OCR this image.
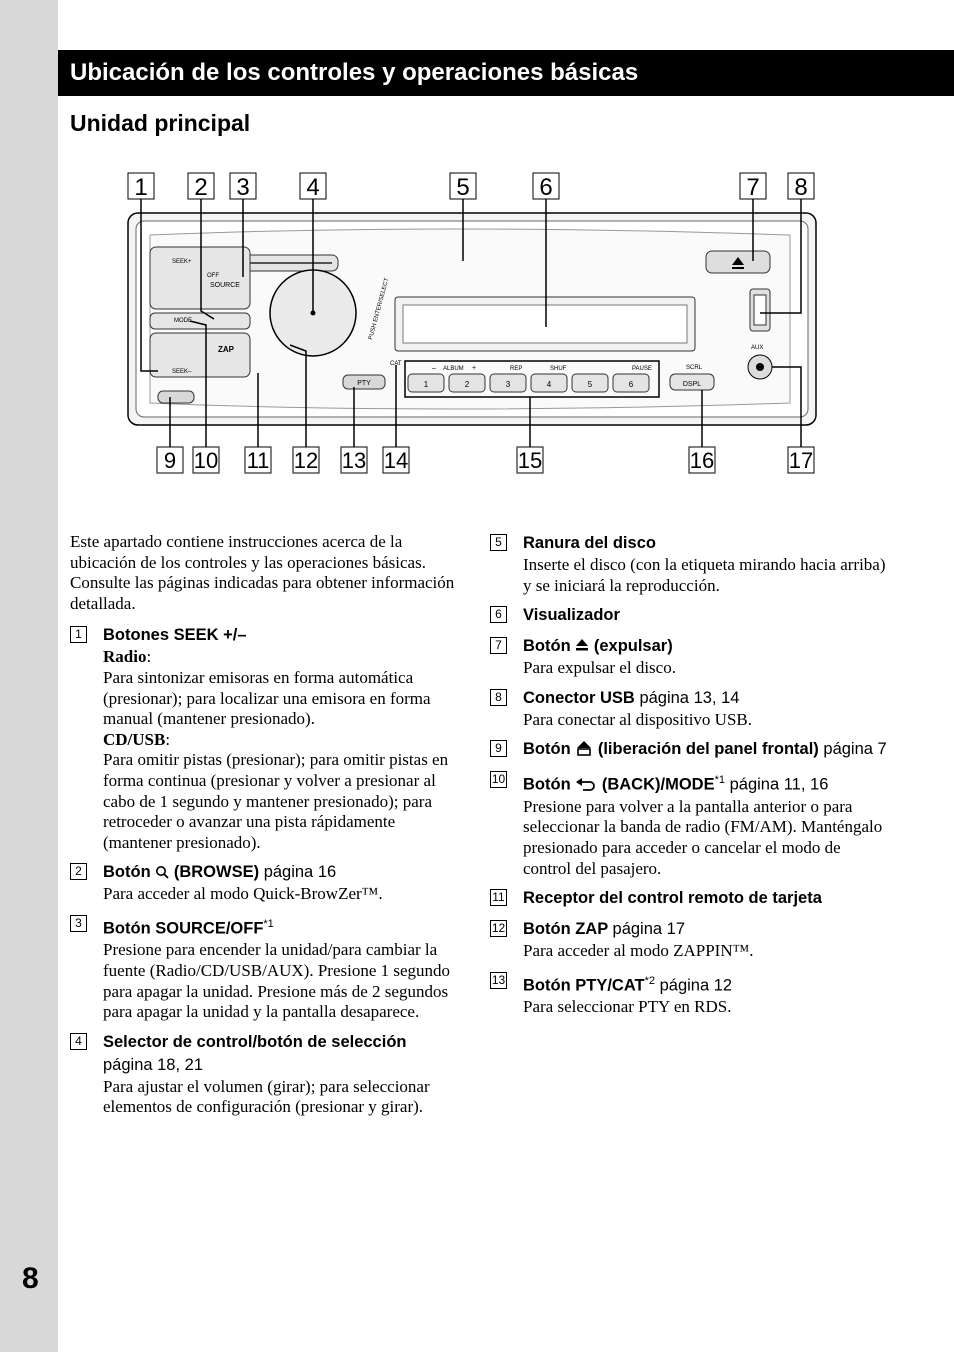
8
Ubicación de los controles y operaciones básicas
Unidad principal
1 2 3 4	5	6	7 8
SEEK+
OFF
SOURCE
MODE
ZAP
SEEK–
PUSH ENTER/SELECT
AUX
CAT
PTY
– ALBUM +	REP	SHUF	PAUSE
1	2	3	4	5	6
SCRL
DSPL
9 10 11 12 13 14	15	16	17

Este apartado contiene instrucciones acerca de la ubicación de los controles y las operaciones básicas.

Consulte las páginas indicadas para obtener información detallada.

1	Botones SEEK +/–

Radio:

Para sintonizar emisoras en forma automática (presionar); para localizar una emisora en forma manual (mantener presionado).

CD/USB:

Para omitir pistas (presionar); para omitir pistas en forma continua (presionar y volver a presionar al cabo de 1 segundo y mantener presionado); para retroceder o avanzar una pista rápidamente (mantener presionado).

2	Botón (BROWSE) página 16

Para acceder al modo Quick-BrowZer™.

3	Botón SOURCE/OFF$^{*1}$

Presione para encender la unidad/para cambiar la fuente (Radio/CD/USB/AUX). Presione 1 segundo para apagar la unidad. Presione más de 2 segundos para apagar la unidad y la pantalla desaparece.

4	Selector de control/botón de selección página 18, 21

Para ajustar el volumen (girar); para seleccionar elementos de configuración (presionar y girar).

5	Ranura del disco

Inserte el disco (con la etiqueta mirando hacia arriba) y se iniciará la reproducción.

6	Visualizador
7	Botón (expulsar)

Para expulsar el disco.

8	Conector USB página 13, 14

Para conectar al dispositivo USB.

9	Botón (liberación del panel frontal) página 7
10 Botón (BACK)/MODE$^{*1}$ página 11, 16

Presione para volver a la pantalla anterior o para seleccionar la banda de radio (FM/AM). Manténgalo presionado para acceder o cancelar el modo de control del pasajero.

11 Receptor del control remoto de tarjeta
12 Botón ZAP página 17

Para acceder al modo ZAPPIN™.

13 Botón PTY/CAT$^{*2}$ página 12

Para seleccionar PTY en RDS.
